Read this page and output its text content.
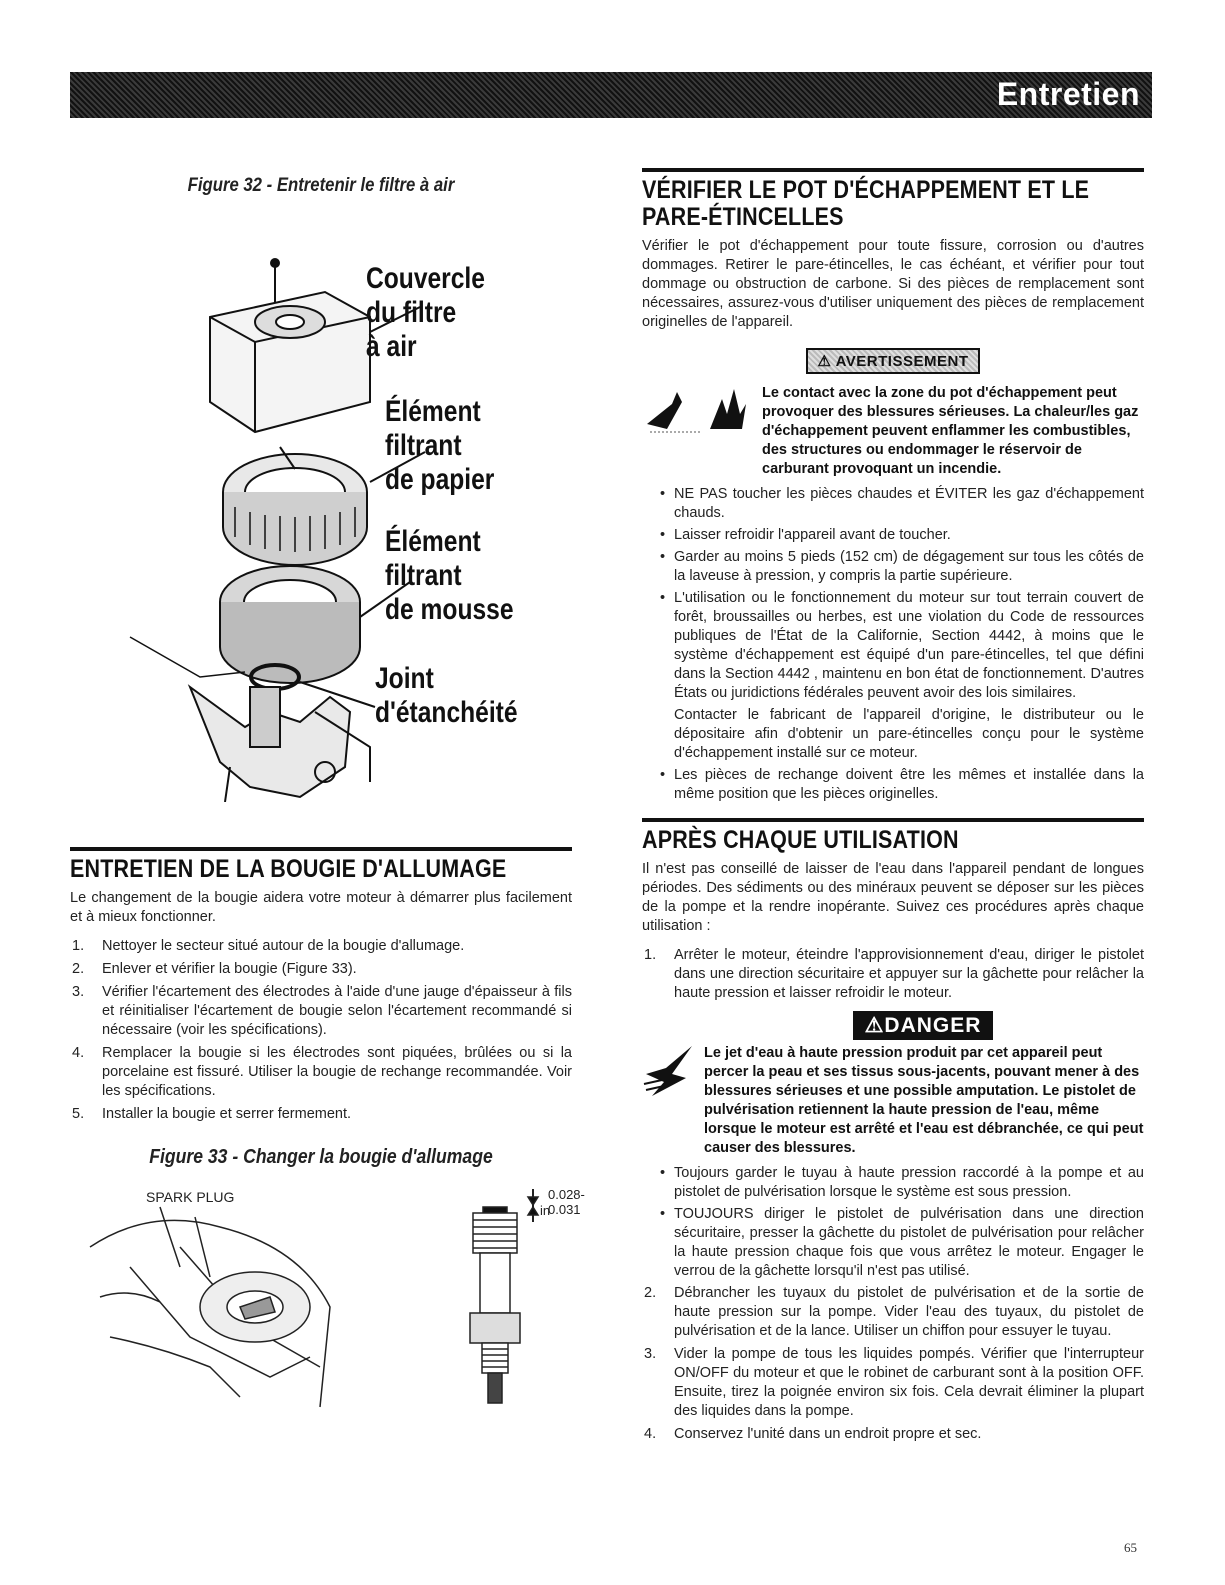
Entretien
Figure 32 - Entretenir le filtre à air
Couvercle
du filtre
à air
Élément
filtrant
de papier
Élément
filtrant
de mousse
Joint
d'étanchéité
ENTRETIEN DE LA BOUGIE D'ALLUMAGE
Le changement de la bougie aidera votre moteur à démarrer plus facilement et à mieux fonctionner.
1. Nettoyer le secteur situé autour de la bougie d'allumage.
2. Enlever et vérifier la bougie (Figure 33).
3. Vérifier l'écartement des électrodes à l'aide d'une jauge d'épaisseur à fils et réinitialiser l'écartement de bougie selon l'écartement recommandé si nécessaire (voir les spécifications).
4. Remplacer la bougie si les électrodes sont piquées, brûlées ou si la porcelaine est fissuré. Utiliser la bougie de rechange recommandée. Voir les spécifications.
5. Installer la bougie et serrer fermement.
Figure 33 - Changer la bougie d'allumage
SPARK PLUG	0.028-0.031
in
VÉRIFIER LE POT D'ÉCHAPPEMENT ET LE
PARE-ÉTINCELLES
Vérifier le pot d'échappement pour toute fissure, corrosion ou d'autres dommages. Retirer le pare-étincelles, le cas échéant, et vérifier pour tout dommage ou obstruction de carbone. Si des pièces de remplacement sont nécessaires, assurez-vous d'utiliser uniquement des pièces de remplacement originelles de l'appareil.
⚠ AVERTISSEMENT
Le contact avec la zone du pot d'échappement peut provoquer des blessures sérieuses. La chaleur/les gaz d'échappement peuvent enflammer les combustibles, des structures ou endommager le réservoir de carburant provoquant un incendie.
• NE PAS toucher les pièces chaudes et ÉVITER les gaz d'échappement chauds.
• Laisser refroidir l'appareil avant de toucher.
• Garder au moins 5 pieds (152 cm) de dégagement sur tous les côtés de la laveuse à pression, y compris la partie supérieure.
• L'utilisation ou le fonctionnement du moteur sur tout terrain couvert de forêt, broussailles ou herbes, est une violation du Code de ressources publiques de l'État de la Californie, Section 4442, à moins que le système d'échappement est équipé d'un pare-étincelles, tel que défini dans la Section 4442 , maintenu en bon état de fonctionnement. D'autres États ou juridictions fédérales peuvent avoir des lois similaires.
Contacter le fabricant de l'appareil d'origine, le distributeur ou le dépositaire afin d'obtenir un pare-étincelles conçu pour le système d'échappement installé sur ce moteur.
• Les pièces de rechange doivent être les mêmes et installée dans la même position que les pièces originelles.
APRÈS CHAQUE UTILISATION
Il n'est pas conseillé de laisser de l'eau dans l'appareil pendant de longues périodes. Des sédiments ou des minéraux peuvent se déposer sur les pièces de la pompe et la rendre inopérante. Suivez ces procédures après chaque utilisation :
1. Arrêter le moteur, éteindre l'approvisionnement d'eau, diriger le pistolet dans une direction sécuritaire et appuyer sur la gâchette pour relâcher la haute pression et laisser refroidir le moteur.
⚠DANGER
Le jet d'eau à haute pression produit par cet appareil peut percer la peau et ses tissus sous-jacents, pouvant mener à des blessures sérieuses et une possible amputation. Le pistolet de pulvérisation retiennent la haute pression de l'eau, même lorsque le moteur est arrêté et l'eau est débranchée, ce qui peut causer des blessures.
• Toujours garder le tuyau à haute pression raccordé à la pompe et au pistolet de pulvérisation lorsque le système est sous pression.
• TOUJOURS diriger le pistolet de pulvérisation dans une direction sécuritaire, presser la gâchette du pistolet de pulvérisation pour relâcher la haute pression chaque fois que vous arrêtez le moteur. Engager le verrou de la gâchette lorsqu'il n'est pas utilisé.
2. Débrancher les tuyaux du pistolet de pulvérisation et de la sortie de haute pression sur la pompe. Vider l'eau des tuyaux, du pistolet de pulvérisation et de la lance. Utiliser un chiffon pour essuyer le tuyau.
3. Vider la pompe de tous les liquides pompés. Vérifier que l'interrupteur ON/OFF du moteur et que le robinet de carburant sont à la position OFF. Ensuite, tirez la poignée environ six fois. Cela devrait éliminer la plupart des liquides dans la pompe.
4. Conservez l'unité dans un endroit propre et sec.
65
